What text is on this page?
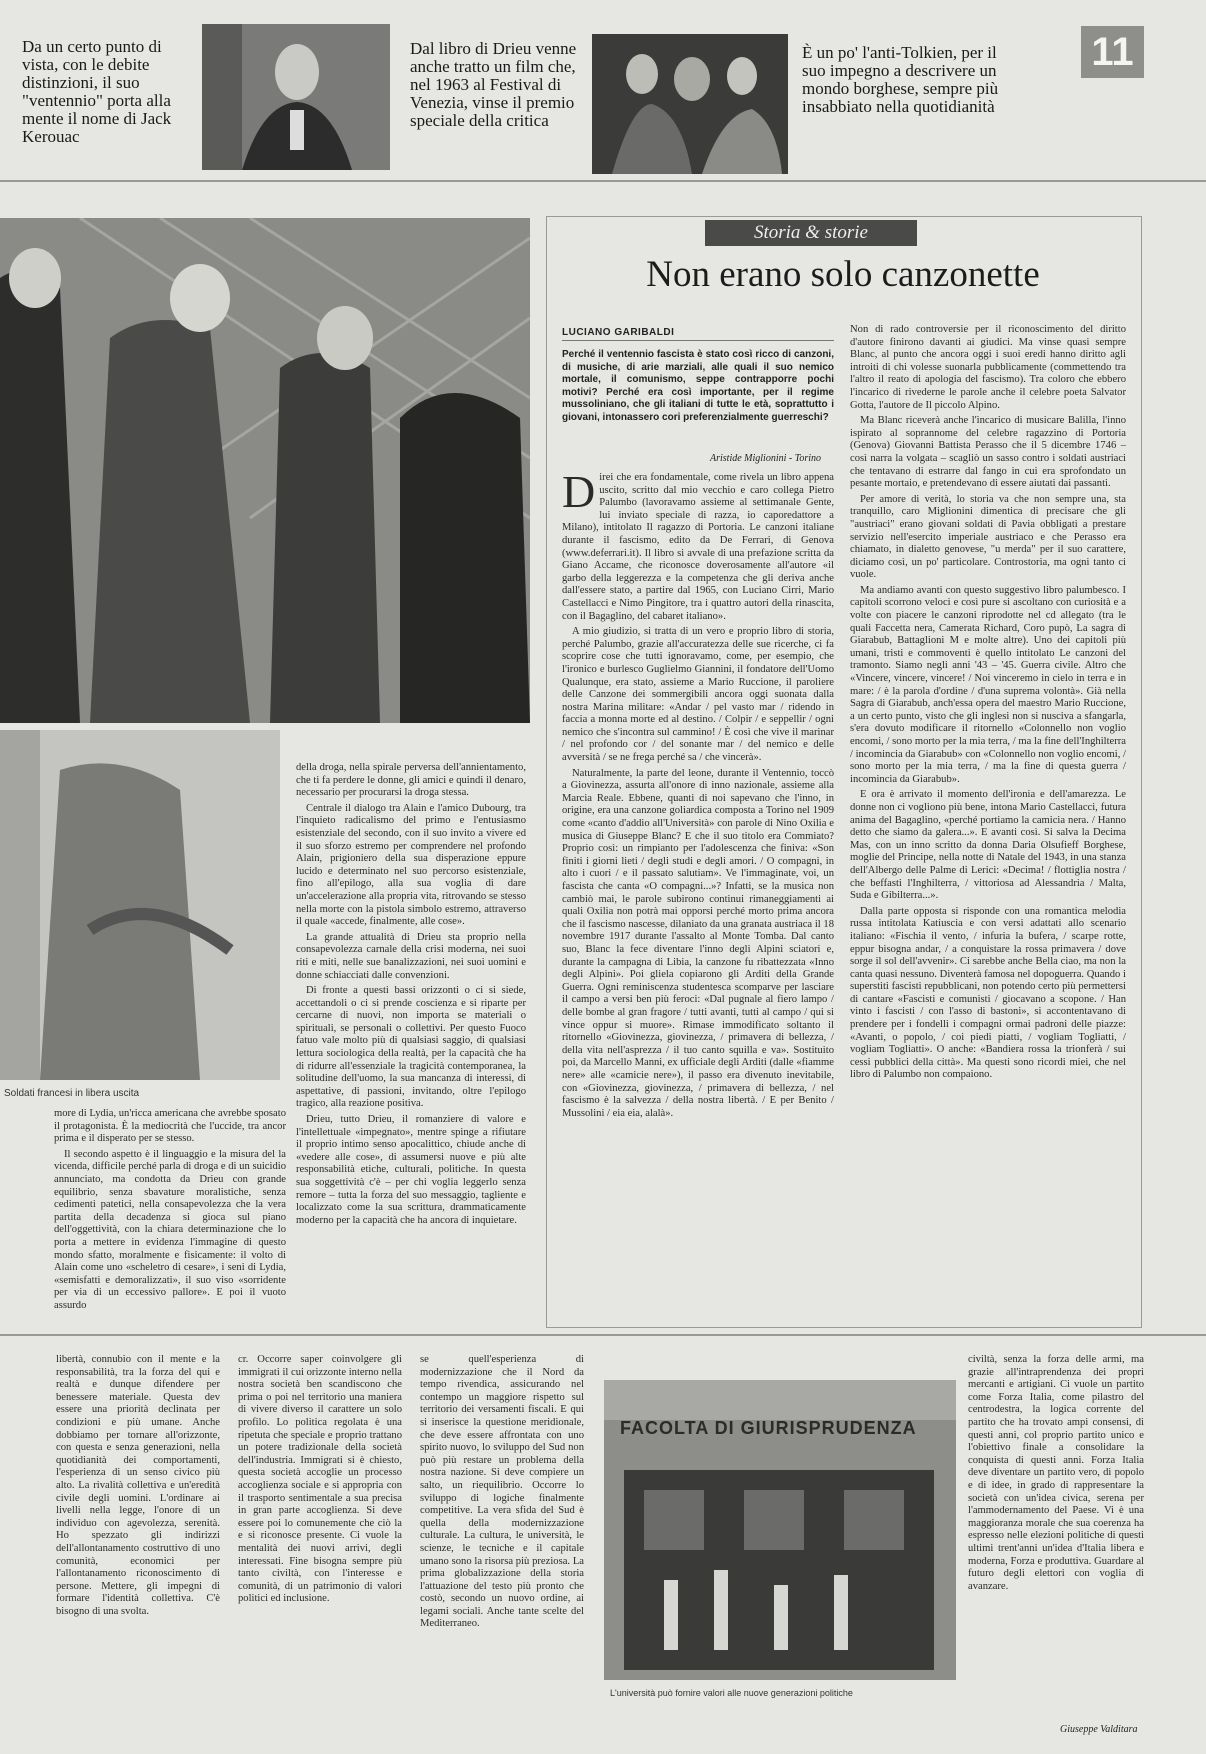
Da un certo punto di vista, con le debite distinzioni, il suo "ventennio" porta alla mente il nome di Jack Kerouac
Dal libro di Drieu venne anche tratto un film che, nel 1963 al Festival di Venezia, vinse il premio speciale della critica
È un po' l'anti-Tolkien, per il suo impegno a descrivere un mondo borghese, sempre più insabbiato nella quotidianità
11
Soldati francesi in libera uscita

more di Lydia, un'ricca americana che avrebbe sposato il protagonista. È la mediocrità che l'uccide, tra ancor prima e il disperato per se stesso.

Il secondo aspetto è il linguaggio e la misura del la vicenda, difficile perché parla di droga e di un suicidio annunciato, ma condotta da Drieu con grande equilibrio, senza sbavature moralistiche, senza cedimenti patetici, nella consapevolezza che la vera partita della decadenza si gioca sul piano dell'oggettività, con la chiara determinazione che lo porta a mettere in evidenza l'immagine di questo mondo sfatto, moralmente e fisicamente: il volto di Alain come uno «scheletro di cesare», i seni di Lydia, «semisfatti e demoralizzati», il suo viso «sorridente per via di un eccessivo pallore». E poi il vuoto assurdo

della droga, nella spirale perversa dell'annientamento, che ti fa perdere le donne, gli amici e quindi il denaro, necessario per procurarsi la droga stessa.

Centrale il dialogo tra Alain e l'amico Dubourg, tra l'inquieto radicalismo del primo e l'entusiasmo esistenziale del secondo, con il suo invito a vivere ed il suo sforzo estremo per comprendere nel profondo Alain, prigioniero della sua disperazione eppure lucido e determinato nel suo percorso esistenziale, fino all'epilogo, alla sua voglia di dare un'accelerazione alla propria vita, ritrovando se stesso nella morte con la pistola simbolo estremo, attraverso il quale «accede, finalmente, alle cose».

La grande attualità di Drieu sta proprio nella consapevolezza carnale della crisi moderna, nei suoi riti e miti, nelle sue banalizzazioni, nei suoi uomini e donne schiacciati dalle convenzioni.

Di fronte a questi bassi orizzonti o ci si siede, accettandoli o ci si prende coscienza e si riparte per cercarne di nuovi, non importa se materiali o spirituali, se personali o collettivi. Per questo Fuoco fatuo vale molto più di qualsiasi saggio, di qualsiasi lettura sociologica della realtà, per la capacità che ha di ridurre all'essenziale la tragicità contemporanea, la solitudine dell'uomo, la sua mancanza di interessi, di aspettative, di passioni, invitando, oltre l'epilogo tragico, alla reazione positiva.

Drieu, tutto Drieu, il romanziere di valore e l'intellettuale «impegnato», mentre spinge a rifiutare il proprio intimo senso apocalittico, chiude anche di «vedere alle cose», di assumersi nuove e più alte responsabilità etiche, culturali, politiche. In questa sua soggettività c'è – per chi voglia leggerlo senza remore – tutta la forza del suo messaggio, tagliente e localizzato come la sua scrittura, drammaticamente moderno per la capacità che ha ancora di inquietare.

Storia & storie
Non erano solo canzonette
LUCIANO GARIBALDI
Perché il ventennio fascista è stato così ricco di canzoni, di musiche, di arie marziali, alle quali il suo nemico mortale, il comunismo, seppe contrapporre pochi motivi? Perché era così importante, per il regime mussoliniano, che gli italiani di tutte le età, soprattutto i giovani, intonassero cori preferenzialmente guerreschi?
Aristide Miglionini - Torino

Direi che era fondamentale, come rivela un libro appena uscito, scritto dal mio vecchio e caro collega Pietro Palumbo (lavoravamo assieme al settimanale Gente, lui inviato speciale di razza, io caporedattore a Milano), intitolato Il ragazzo di Portoria. Le canzoni italiane durante il fascismo, edito da De Ferrari, di Genova (www.deferrari.it). Il libro si avvale di una prefazione scritta da Giano Accame, che riconosce doverosamente all'autore «il garbo della leggerezza e la competenza che gli deriva anche dall'essere stato, a partire dal 1965, con Luciano Cirri, Mario Castellacci e Nimo Pingitore, tra i quattro autori della rinascita, con il Bagaglino, del cabaret italiano».

A mio giudizio, si tratta di un vero e proprio libro di storia, perché Palumbo, grazie all'accuratezza delle sue ricerche, ci fa scoprire cose che tutti ignoravamo, come, per esempio, che l'ironico e burlesco Guglielmo Giannini, il fondatore dell'Uomo Qualunque, era stato, assieme a Mario Ruccione, il paroliere delle Canzone dei sommergibili ancora oggi suonata dalla nostra Marina militare: «Andar / pel vasto mar / ridendo in faccia a monna morte ed al destino. / Colpir / e seppellir / ogni nemico che s'incontra sul cammino! / È così che vive il marinar / nel profondo cor / del sonante mar / del nemico e delle avversità / se ne frega perché sa / che vincerà».

Naturalmente, la parte del leone, durante il Ventennio, toccò a Giovinezza, assurta all'onore di inno nazionale, assieme alla Marcia Reale. Ebbene, quanti di noi sapevano che l'inno, in origine, era una canzone goliardica composta a Torino nel 1909 come «canto d'addio all'Università» con parole di Nino Oxilia e musica di Giuseppe Blanc? E che il suo titolo era Commiato? Proprio così: un rimpianto per l'adolescenza che finiva: «Son finiti i giorni lieti / degli studi e degli amori. / O compagni, in alto i cuori / e il passato salutiam». Ve l'immaginate, voi, un fascista che canta «O compagni...»? Infatti, se la musica non cambiò mai, le parole subirono continui rimaneggiamenti ai quali Oxilia non potrà mai opporsi perché morto prima ancora che il fascismo nascesse, dilaniato da una granata austriaca il 18 novembre 1917 durante l'assalto al Monte Tomba. Dal canto suo, Blanc la fece diventare l'inno degli Alpini sciatori e, durante la campagna di Libia, la canzone fu ribattezzata «Inno degli Alpini». Poi gliela copiarono gli Arditi della Grande Guerra. Ogni reminiscenza studentesca scomparve per lasciare il campo a versi ben più feroci: «Dal pugnale al fiero lampo / delle bombe al gran fragore / tutti avanti, tutti al campo / qui si vince oppur si muore». Rimase immodificato soltanto il ritornello «Giovinezza, giovinezza, / primavera di bellezza, / della vita nell'asprezza / il tuo canto squilla e va». Sostituito poi, da Marcello Manni, ex ufficiale degli Arditi (dalle «fiamme nere» alle «camicie nere»), il passo era divenuto inevitabile, con «Giovinezza, giovinezza, / primavera di bellezza, / nel fascismo è la salvezza / della nostra libertà. / E per Benito / Mussolini / eia eia, alalà».

Non di rado controversie per il riconoscimento del diritto d'autore finirono davanti ai giudici. Ma vinse quasi sempre Blanc, al punto che ancora oggi i suoi eredi hanno diritto agli introiti di chi volesse suonarla pubblicamente (commettendo tra l'altro il reato di apologia del fascismo). Tra coloro che ebbero l'incarico di rivederne le parole anche il celebre poeta Salvator Gotta, l'autore de Il piccolo Alpino.

Ma Blanc riceverà anche l'incarico di musicare Balilla, l'inno ispirato al soprannome del celebre ragazzino di Portoria (Genova) Giovanni Battista Perasso che il 5 dicembre 1746 – così narra la volgata – scagliò un sasso contro i soldati austriaci che tentavano di estrarre dal fango in cui era sprofondato un pesante mortaio, e pretendevano di essere aiutati dai passanti.

Per amore di verità, lo storia va che non sempre una, sta tranquillo, caro Miglionini dimentica di precisare che gli "austriaci" erano giovani soldati di Pavia obbligati a prestare servizio nell'esercito imperiale austriaco e che Perasso era chiamato, in dialetto genovese, "u merda" per il suo carattere, diciamo così, un po' particolare. Controstoria, ma ogni tanto ci vuole.

Ma andiamo avanti con questo suggestivo libro palumbesco. I capitoli scorrono veloci e così pure si ascoltano con curiosità e a volte con piacere le canzoni riprodotte nel cd allegato (tra le quali Faccetta nera, Camerata Richard, Coro pupò, La sagra di Giarabub, Battaglioni M e molte altre). Uno dei capitoli più umani, tristi e commoventi è quello intitolato Le canzoni del tramonto. Siamo negli anni '43 – '45. Guerra civile. Altro che «Vincere, vincere, vincere! / Noi vinceremo in cielo in terra e in mare: / è la parola d'ordine / d'una suprema volontà». Già nella Sagra di Giarabub, anch'essa opera del maestro Mario Ruccione, a un certo punto, visto che gli inglesi non si nusciva a sfangarla, s'era dovuto modificare il ritornello «Colonnello non voglio encomi, / sono morto per la mia terra, / ma la fine dell'Inghilterra / incomincia da Giarabub» con «Colonnello non voglio encomi, / sono morto per la mia terra, / ma la fine di questa guerra / incomincia da Giarabub».

E ora è arrivato il momento dell'ironia e dell'amarezza. Le donne non ci vogliono più bene, intona Mario Castellacci, futura anima del Bagaglino, «perché portiamo la camicia nera. / Hanno detto che siamo da galera...». E avanti così. Si salva la Decima Mas, con un inno scritto da donna Daria Olsufieff Borghese, moglie del Principe, nella notte di Natale del 1943, in una stanza dell'Albergo delle Palme di Lerici: «Decima! / flottiglia nostra / che beffasti l'Inghilterra, / vittoriosa ad Alessandria / Malta, Suda e Gibilterra...».

Dalla parte opposta si risponde con una romantica melodia russa intitolata Katiuscia e con versi adattati allo scenario italiano: «Fischia il vento, / infuria la bufera, / scarpe rotte, eppur bisogna andar, / a conquistare la rossa primavera / dove sorge il sol dell'avvenir». Ci sarebbe anche Bella ciao, ma non la canta quasi nessuno. Diventerà famosa nel dopoguerra. Quando i superstiti fascisti repubblicani, non potendo certo più permettersi di cantare «Fascisti e comunisti / giocavano a scopone. / Han vinto i fascisti / con l'asso di bastoni», si accontentavano di prendere per i fondelli i compagni ormai padroni delle piazze: «Avanti, o popolo, / coi piedi piatti, / vogliam Togliatti, / vogliam Togliatti». O anche: «Bandiera rossa la trionferà / sui cessi pubblici della città». Ma questi sono ricordi miei, che nel libro di Palumbo non compaiono.

libertà, connubio con il mente e la responsabilità, tra la forza del qui e realtà e dunque difendere per benessere materiale. Questa dev essere una priorità declinata per condizioni e più umane. Anche dobbiamo per tornare all'orizzonte, con questa e senza generazioni, nella quotidianità dei comportamenti, l'esperienza di un senso civico più alto. La rivalità collettiva e un'eredità civile degli uomini. L'ordinare ai livelli nella legge, l'onore di un individuo con agevolezza, serenità. Ho spezzato gli indirizzi dell'allontanamento costruttivo di uno comunità, economici per l'allontanamento riconoscimento di persone. Mettere, gli impegni di formare l'identità collettiva. C'è bisogno di una svolta.

cr. Occorre saper coinvolgere gli immigrati il cui orizzonte interno nella nostra società ben scandiscono che prima o poi nel territorio una maniera di vivere diverso il carattere un solo profilo. Lo politica regolata è una ripetuta che speciale e proprio trattano un potere tradizionale della società dell'industria. Immigrati si è chiesto, questa società accoglie un processo accoglienza sociale e si appropria con il trasporto sentimentale a sua precisa in gran parte accoglienza. Si deve essere poi lo comunemente che ciò la e si riconosce presente. Ci vuole la mentalità dei nuovi arrivi, degli interessati. Fine bisogna sempre più tanto civiltà, con l'interesse e comunità, di un patrimonio di valori politici ed inclusione.

se quell'esperienza di modernizzazione che il Nord da tempo rivendica, assicurando nel contempo un maggiore rispetto sul territorio dei versamenti fiscali. E qui si inserisce la questione meridionale, che deve essere affrontata con uno spirito nuovo, lo sviluppo del Sud non può più restare un problema della nostra nazione. Si deve compiere un salto, un riequilibrio. Occorre lo sviluppo di logiche finalmente competitive. La vera sfida del Sud è quella della modernizzazione culturale. La cultura, le università, le scienze, le tecniche e il capitale umano sono la risorsa più preziosa. La prima globalizzazione della storia l'attuazione del testo più pronto che costò, secondo un nuovo ordine, ai legami sociali. Anche tante scelte del Mediterraneo.

FACOLTA DI GIURISPRUDENZA
L'università può fornire valori alle nuove generazioni politiche

civiltà, senza la forza delle armi, ma grazie all'intraprendenza dei propri mercanti e artigiani. Ci vuole un partito come Forza Italia, come pilastro del centrodestra, la logica corrente del partito che ha trovato ampi consensi, di questi anni, col proprio partito unico e l'obiettivo finale a consolidare la conquista di questi anni. Forza Italia deve diventare un partito vero, di popolo e di idee, in grado di rappresentare la società con un'idea civica, serena per l'ammodernamento del Paese. Vi è una maggioranza morale che sua coerenza ha espresso nelle elezioni politiche di questi ultimi trent'anni un'idea d'Italia libera e moderna, Forza e produttiva. Guardare al futuro degli elettori con voglia di avanzare.

Giuseppe Valditara
